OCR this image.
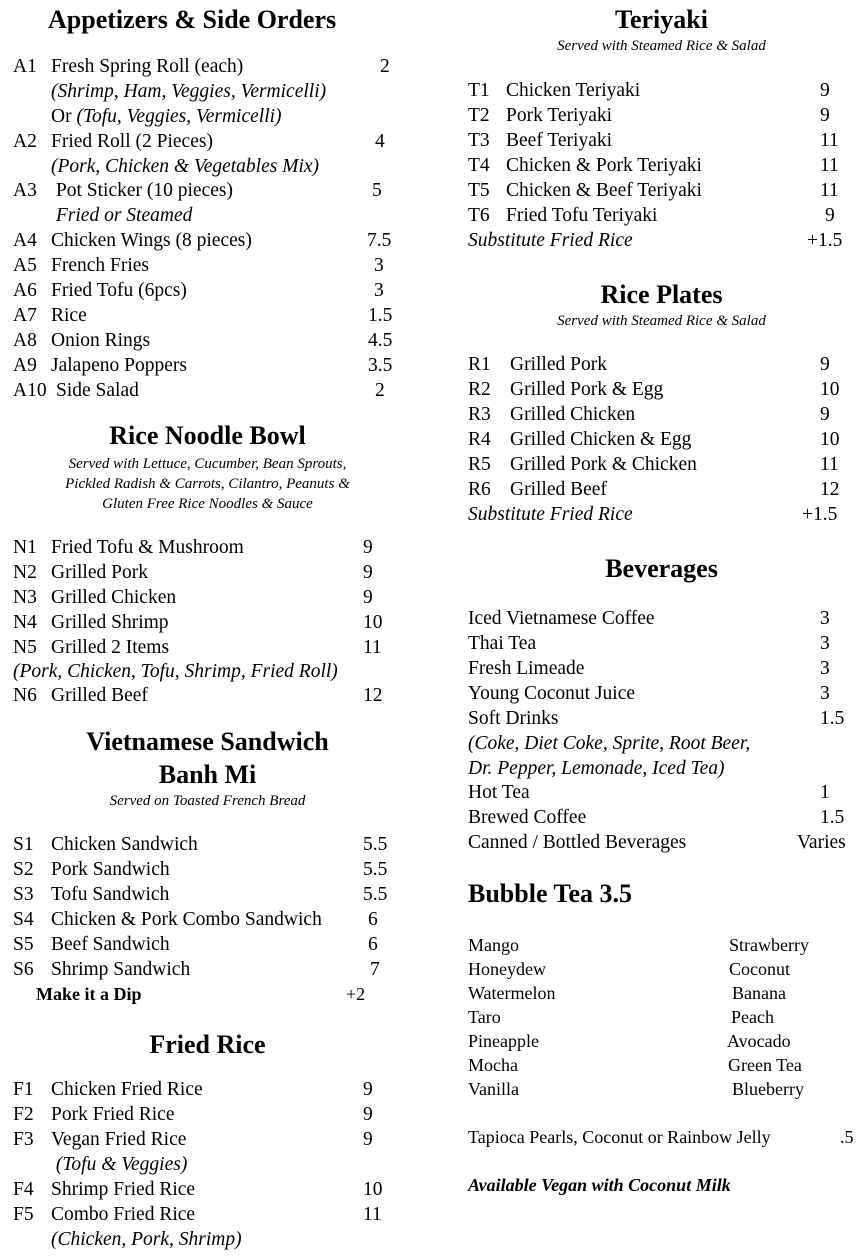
Appetizers & Side Orders
A1 Fresh Spring Roll (each)	2
(Shrimp, Ham, Veggies, Vermicelli)
Or (Tofu, Veggies, Vermicelli)
A2 Fried Roll (2 Pieces)	4
(Pork, Chicken & Vegetables Mix)
A3 Pot Sticker (10 pieces)	5
Fried or Steamed
A4 Chicken Wings (8 pieces)	7.5
A5 French Fries	3
A6 Fried Tofu (6pcs)	3
A7 Rice	1.5
A8 Onion Rings	4.5
A9 Jalapeno Poppers	3.5
A10 Side Salad	2
Rice Noodle Bowl
Served with Lettuce, Cucumber, Bean Sprouts,
Pickled Radish & Carrots, Cilantro, Peanuts &
Gluten Free Rice Noodles & Sauce
N1 Fried Tofu & Mushroom	9
N2 Grilled Pork	9
N3 Grilled Chicken	9
N4 Grilled Shrimp	10
N5 Grilled 2 Items	11
(Pork, Chicken, Tofu, Shrimp, Fried Roll)
N6 Grilled Beef	12
Vietnamese Sandwich
Banh Mi
Served on Toasted French Bread
S1 Chicken Sandwich	5.5
S2 Pork Sandwich	5.5
S3 Tofu Sandwich	5.5
S4 Chicken & Pork Combo Sandwich 6
S5 Beef Sandwich	6
S6 Shrimp Sandwich	7
Make it a Dip	+2
Fried Rice
F1 Chicken Fried Rice	9
F2 Pork Fried Rice	9
F3 Vegan Fried Rice	9
(Tofu & Veggies)
F4 Shrimp Fried Rice	10
F5 Combo Fried Rice	11
(Chicken, Pork, Shrimp)
Teriyaki
Served with Steamed Rice & Salad
T1 Chicken Teriyaki	9
T2 Pork Teriyaki	9
T3 Beef Teriyaki	11
T4 Chicken & Pork Teriyaki	11
T5 Chicken & Beef Teriyaki	11
T6 Fried Tofu Teriyaki	9
Substitute Fried Rice	+1.5
Rice Plates
Served with Steamed Rice & Salad
R1 Grilled Pork	9
R2 Grilled Pork & Egg	10
R3 Grilled Chicken	9
R4 Grilled Chicken & Egg	10
R5 Grilled Pork & Chicken	11
R6 Grilled Beef	12
Substitute Fried Rice	+1.5
Beverages
Iced Vietnamese Coffee	3
Thai Tea	3
Fresh Limeade	3
Young Coconut Juice	3
Soft Drinks	1.5
(Coke, Diet Coke, Sprite, Root Beer,
Dr. Pepper, Lemonade, Iced Tea)
Hot Tea	1
Brewed Coffee	1.5
Canned / Bottled Beverages	Varies
Bubble Tea 3.5
Mango	Strawberry
Honeydew	Coconut
Watermelon	Banana
Taro	Peach
Pineapple	Avocado
Mocha	Green Tea
Vanilla	Blueberry
Tapioca Pearls, Coconut or Rainbow Jelly	.5
Available Vegan with Coconut Milk
